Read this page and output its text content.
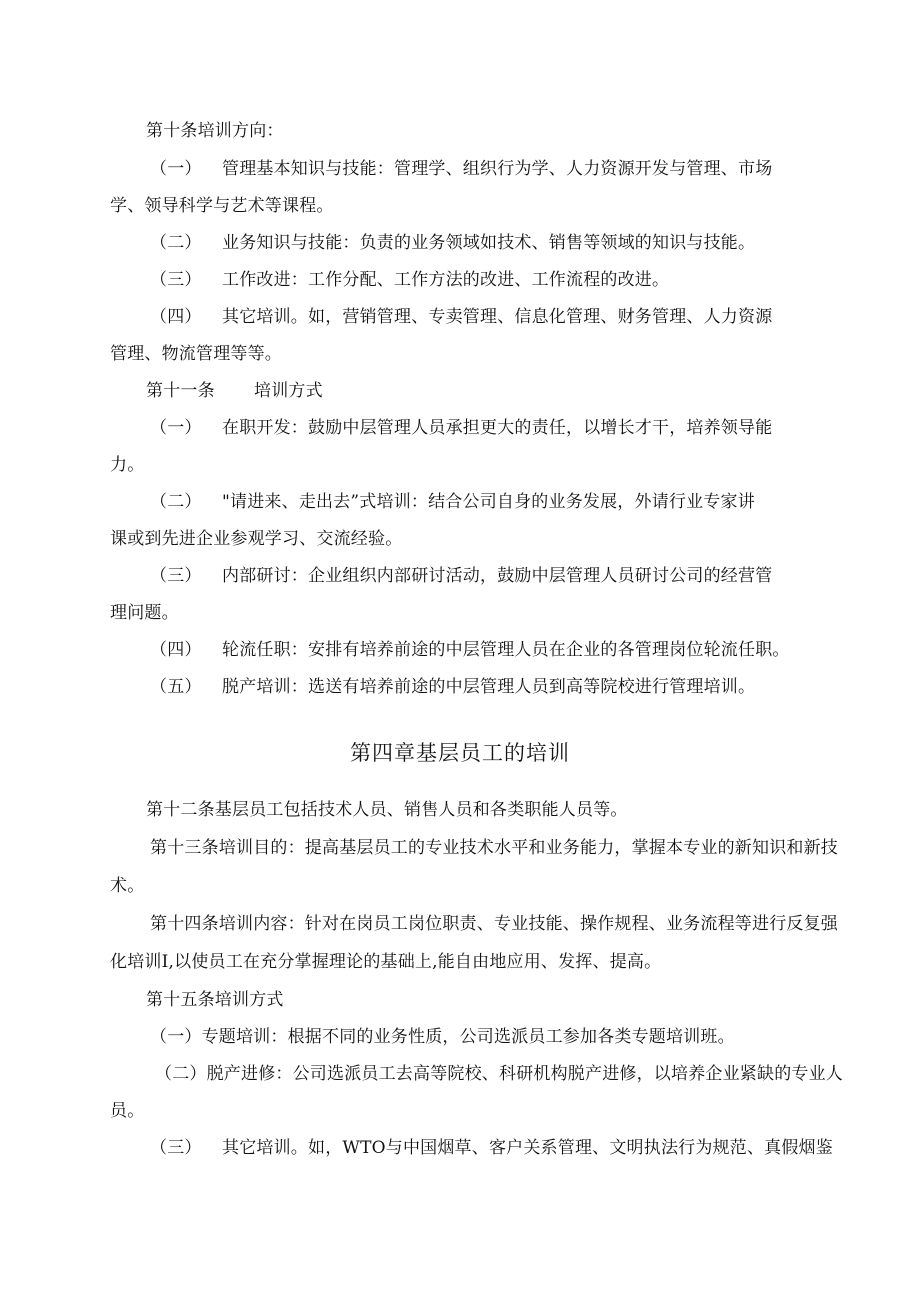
第十条培训方向：
（一） 管理基本知识与技能：管理学、组织行为学、人力资源开发与管理、市场
学、领导科学与艺术等课程。
（二） 业务知识与技能：负责的业务领域如技术、销售等领域的知识与技能。
（三） 工作改进：工作分配、工作方法的改进、工作流程的改进。
（四） 其它培训。如，营销管理、专卖管理、信息化管理、财务管理、人力资源
管理、物流管理等等。
第十一条 培训方式
（一） 在职开发：鼓励中层管理人员承担更大的责任，以增长才干，培养领导能
力。
（二） "请进来、走出去”式培训：结合公司自身的业务发展，外请行业专家讲
课或到先进企业参观学习、交流经验。
（三） 内部研讨：企业组织内部研讨活动，鼓励中层管理人员研讨公司的经营管
理问题。
（四） 轮流任职：安排有培养前途的中层管理人员在企业的各管理岗位轮流任职。
（五） 脱产培训：选送有培养前途的中层管理人员到高等院校进行管理培训。
第四章基层员工的培训
第十二条基层员工包括技术人员、销售人员和各类职能人员等。
第十三条培训目的：提高基层员工的专业技术水平和业务能力，掌握本专业的新知识和新技
术。
第十四条培训内容：针对在岗员工岗位职责、专业技能、操作规程、业务流程等进行反复强
化培训I,以使员工在充分掌握理论的基础上,能自由地应用、发挥、提高。
第十五条培训方式
（一）专题培训：根据不同的业务性质，公司选派员工参加各类专题培训班。
（二）脱产进修：公司选派员工去高等院校、科研机构脱产进修，以培养企业紧缺的专业人
员。
（三） 其它培训。如，WTO与中国烟草、客户关系管理、文明执法行为规范、真假烟鉴
